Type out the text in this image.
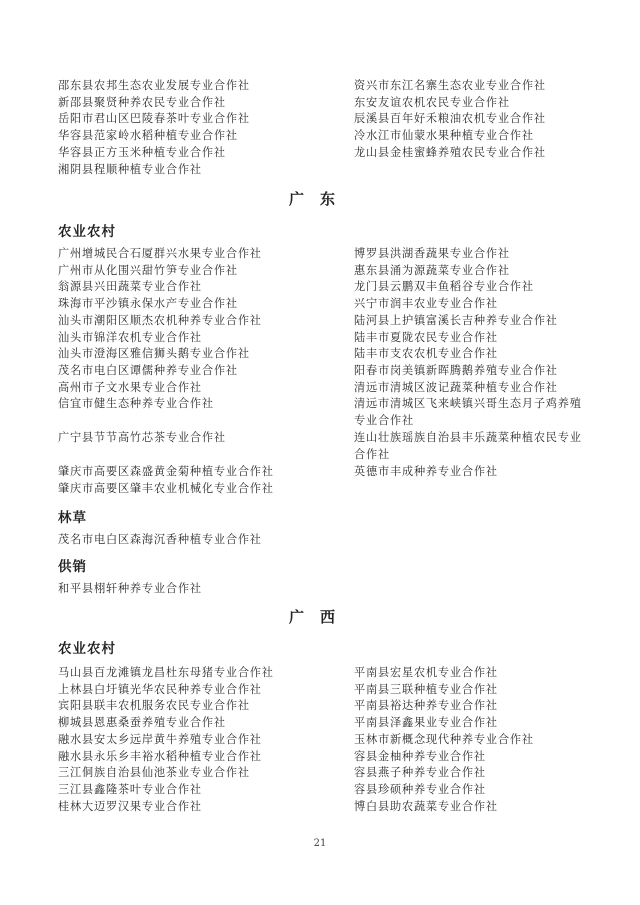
邵东县农邦生态农业发展专业合作社	资兴市东江名寨生态农业专业合作社
新邵县聚贤种养农民专业合作社	东安友谊农机农民专业合作社
岳阳市君山区巴陵春茶叶专业合作社	辰溪县百年好禾粮油农机专业合作社
华容县范家岭水稻种植专业合作社	冷水江市仙蒙水果种植专业合作社
华容县正方玉米种植专业合作社	龙山县金桂蜜蜂养殖农民专业合作社
湘阴县程顺种植专业合作社
广州增城民合石厦群兴水果专业合作社	博罗县洪湖香蔬果专业合作社
广州市从化围兴甜竹笋专业合作社	惠东县涌为源蔬菜专业合作社
翁源县兴田蔬菜专业合作社	龙门县云鹏双丰鱼稻谷专业合作社
珠海市平沙镇永保水产专业合作社	兴宁市润丰农业专业合作社
汕头市潮阳区顺杰农机种养专业合作社	陆河县上护镇富溪长吉种养专业合作社
汕头市锦洋农机专业合作社	陆丰市夏陇农民专业合作社
汕头市澄海区雅信狮头鹅专业合作社	陆丰市支农农机专业合作社
茂名市电白区谭儒种养专业合作社	阳春市岗美镇新晖腾鹅养殖专业合作社
高州市子文水果专业合作社	清远市清城区波记蔬菜种植专业合作社
信宜市健生态种养专业合作社	清远市清城区飞来峡镇兴哥生态月子鸡养殖专业合作社
广宁县节节高竹芯茶专业合作社	连山壮族瑶族自治县丰乐蔬菜种植农民专业合作社
肇庆市高要区森盛黄金菊种植专业合作社	英德市丰成种养专业合作社
肇庆市高要区肇丰农业机械化专业合作社
茂名市电白区森海沉香种植专业合作社
和平县栩轩种养专业合作社
马山县百龙滩镇龙昌杜东母猪专业合作社	平南县宏星农机专业合作社
上林县白圩镇光华农民种养专业合作社	平南县三联种植专业合作社
宾阳县联丰农机服务农民专业合作社	平南县裕达种养专业合作社
柳城县恩惠桑蚕养殖专业合作社	平南县泽鑫果业专业合作社
融水县安太乡远岸黄牛养殖专业合作社	玉林市新概念现代种养专业合作社
融水县永乐乡丰裕水稻种植专业合作社	容县金柚种养专业合作社
三江侗族自治县仙池茶业专业合作社	容县燕子种养专业合作社
三江县鑫隆茶叶专业合作社	容县珍硕种养专业合作社
桂林大迈罗汉果专业合作社	博白县助农蔬菜专业合作社
广东
农业农村
林草
供销
广西
农业农村
21
